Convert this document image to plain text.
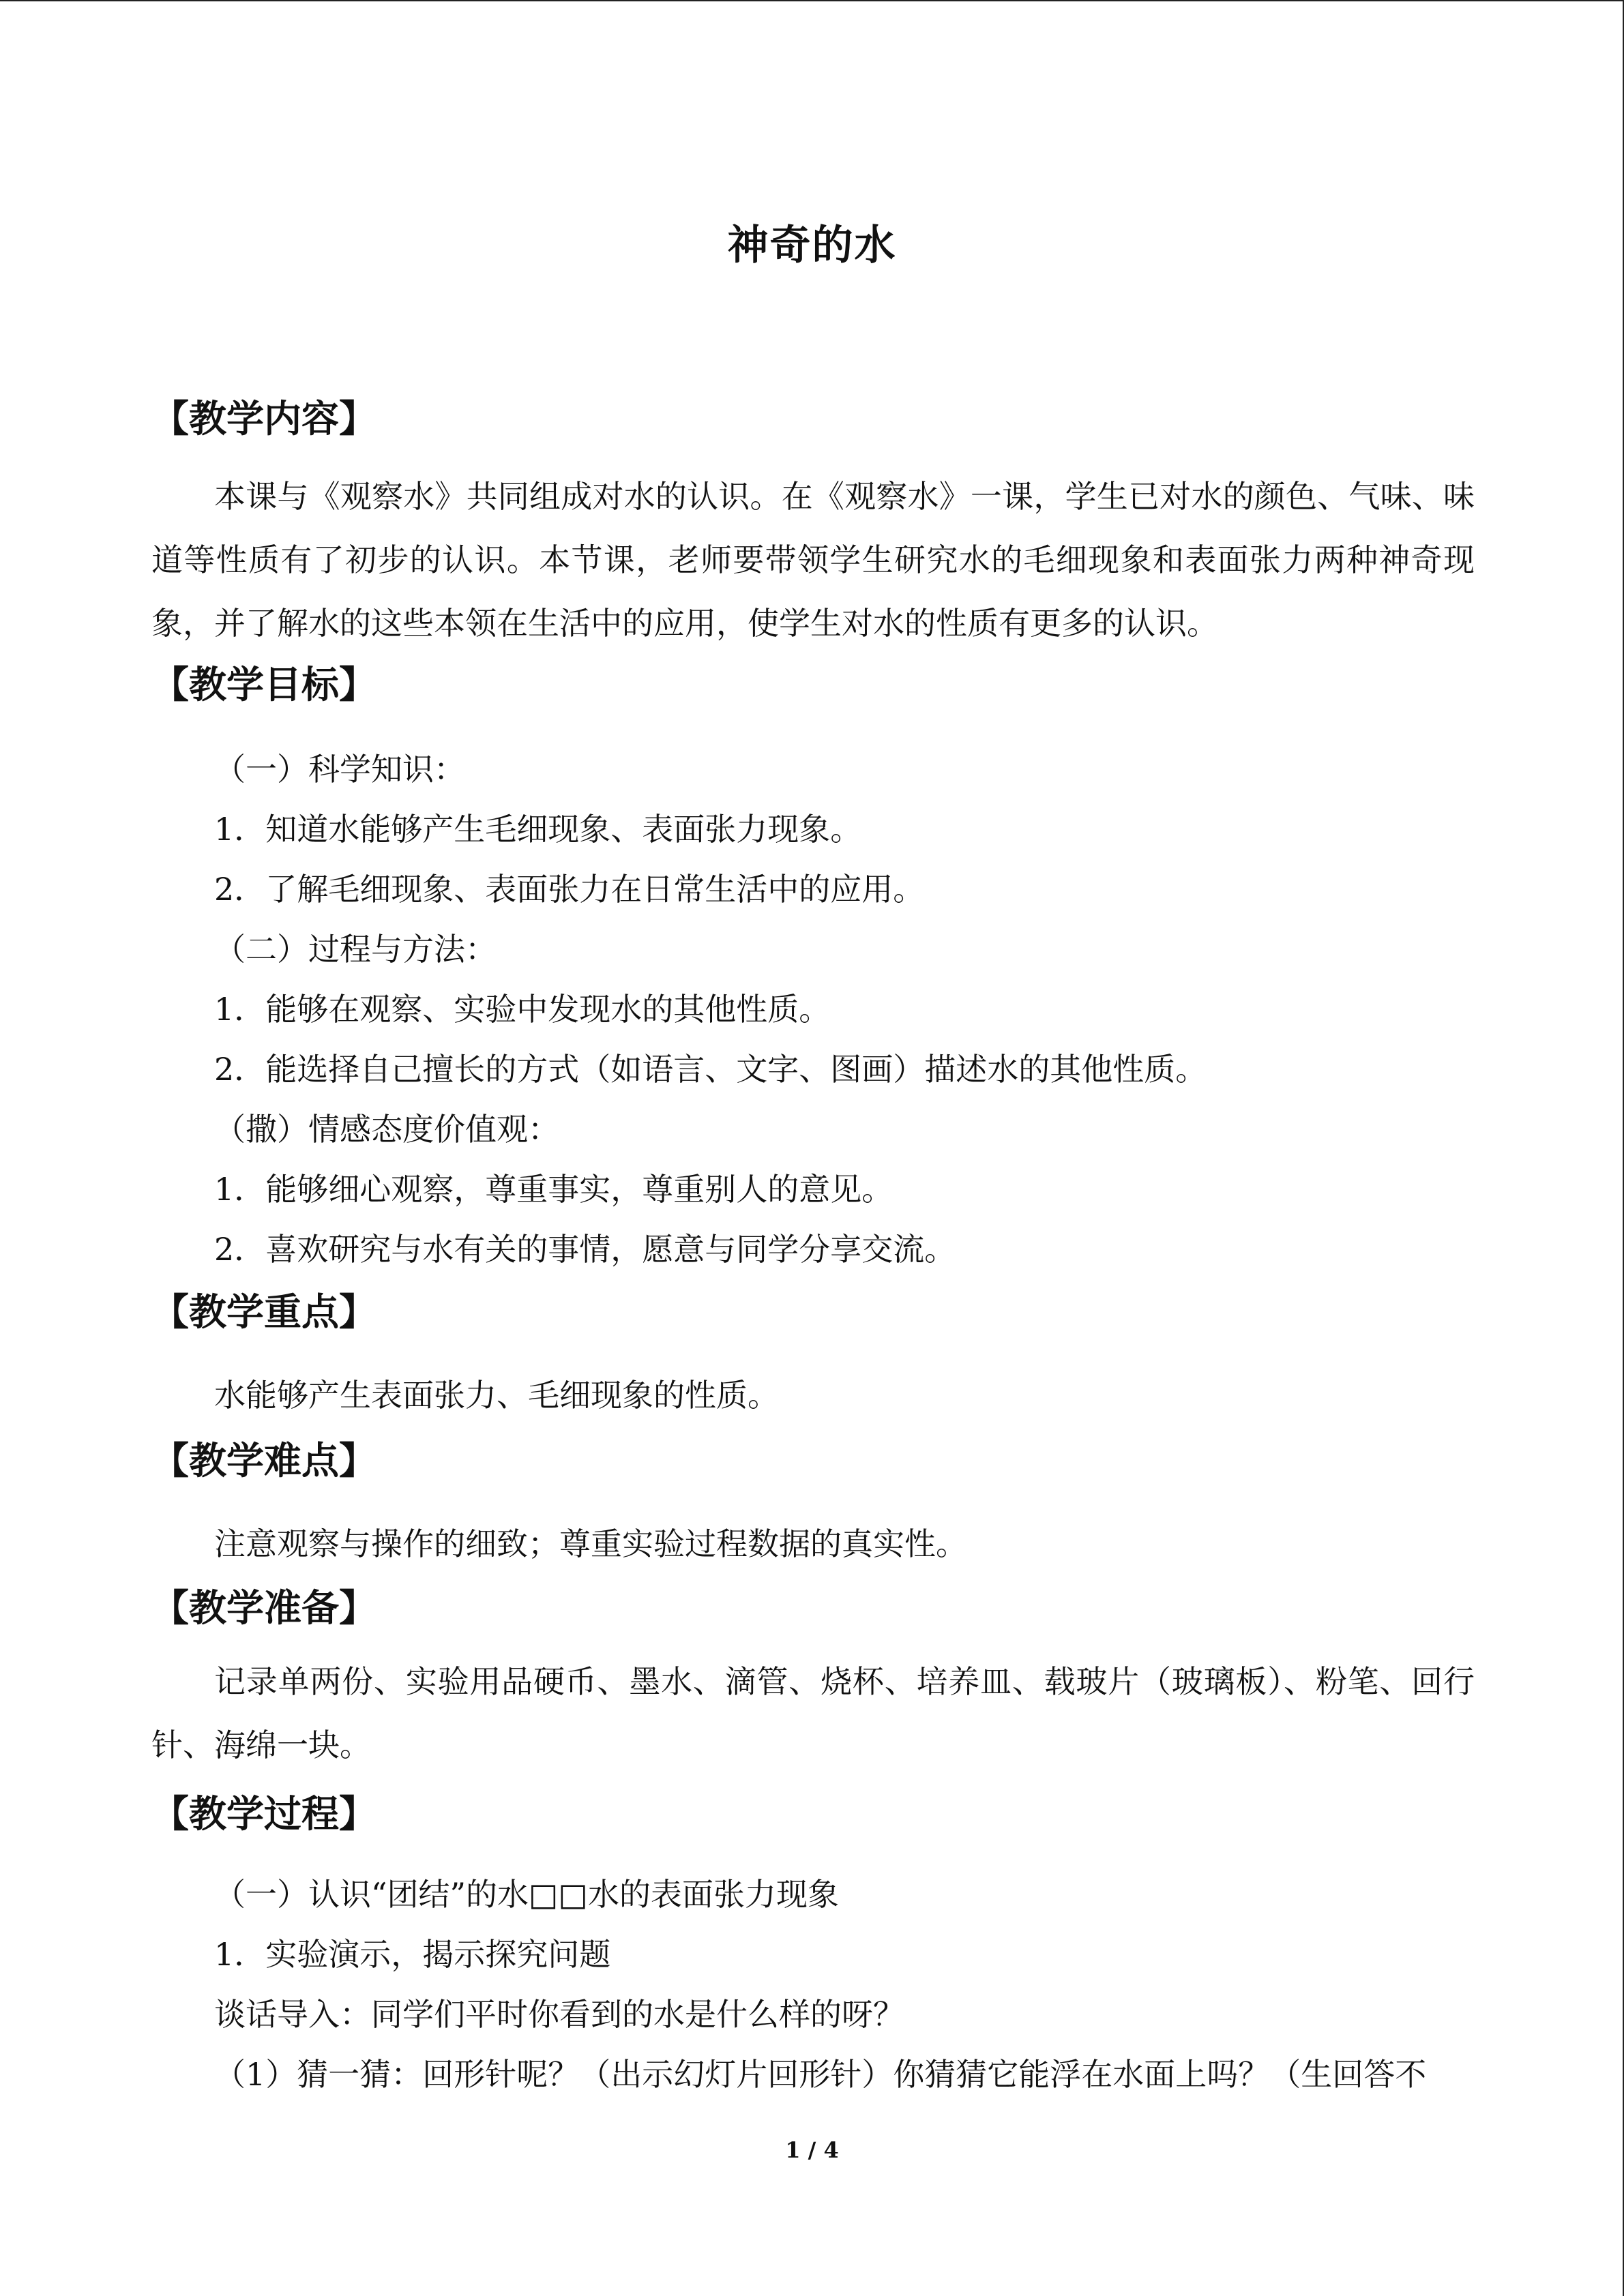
神奇的水
【教学内容】
本课与《观察水》共同组成对水的认识。在《观察水》一课，学生已对水的颜色、气味、味道等性质有了初步的认识。本节课，老师要带领学生研究水的毛细现象和表面张力两种神奇现象，并了解水的这些本领在生活中的应用，使学生对水的性质有更多的认识。
【教学目标】
（一）科学知识：
1．知道水能够产生毛细现象、表面张力现象。
2．了解毛细现象、表面张力在日常生活中的应用。
（二）过程与方法：
1．能够在观察、实验中发现水的其他性质。
2．能选择自己擅长的方式（如语言、文字、图画）描述水的其他性质。
（撒）情感态度价值观：
1．能够细心观察，尊重事实，尊重别人的意见。
2．喜欢研究与水有关的事情，愿意与同学分享交流。
【教学重点】
水能够产生表面张力、毛细现象的性质。
【教学难点】
注意观察与操作的细致；尊重实验过程数据的真实性。
【教学准备】
记录单两份、实验用品硬币、墨水、滴管、烧杯、培养皿、载玻片（玻璃板）、粉笔、回行针、海绵一块。
【教学过程】
（一）认识“团结”的水□□水的表面张力现象
1．实验演示，揭示探究问题
谈话导入：同学们平时你看到的水是什么样的呀？
（1）猜一猜：回形针呢？（出示幻灯片回形针）你猜猜它能浮在水面上吗？（生回答不
1 / 4
